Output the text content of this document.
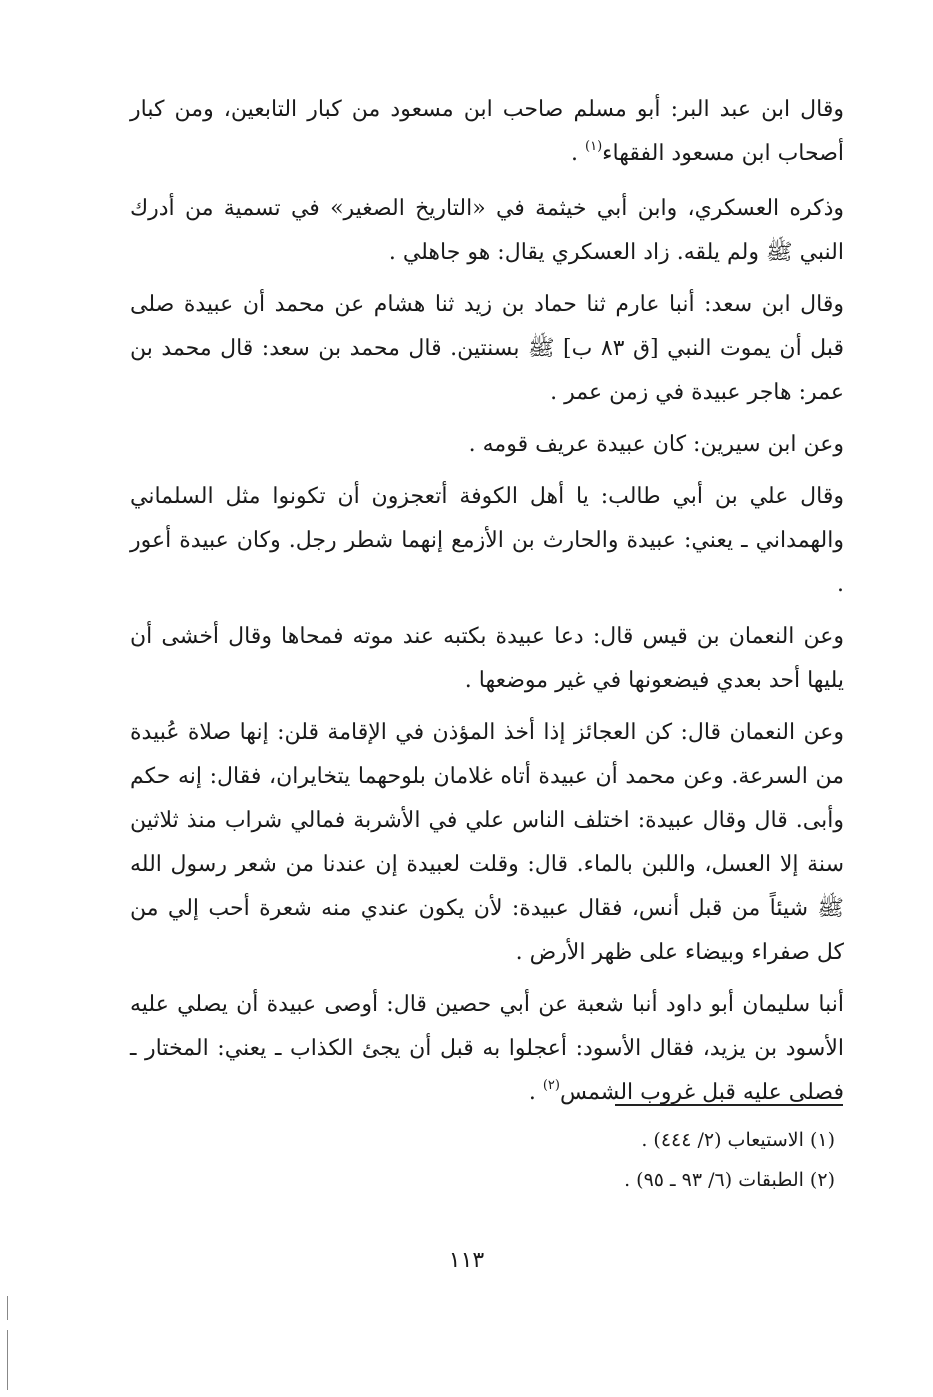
وقال ابن عبد البر: أبو مسلم صاحب ابن مسعود من كبار التابعين، ومن كبار أصحاب ابن مسعود الفقهاء$^{(١)}$ .

وذكره العسكري، وابن أبي خيثمة في «التاريخ الصغير» في تسمية من أدرك النبي ﷺ ولم يلقه. زاد العسكري يقال: هو جاهلي .

وقال ابن سعد: أنبا عارم ثنا حماد بن زيد ثنا هشام عن محمد أن عبيدة صلى قبل أن يموت النبي [ق ٨٣ ب] ﷺ بسنتين. قال محمد بن سعد: قال محمد بن عمر: هاجر عبيدة في زمن عمر .

وعن ابن سيرين: كان عبيدة عريف قومه .

وقال علي بن أبي طالب: يا أهل الكوفة أتعجزون أن تكونوا مثل السلماني والهمداني ـ يعني: عبيدة والحارث بن الأزمع إنهما شطر رجل. وكان عبيدة أعور .

وعن النعمان بن قيس قال: دعا عبيدة بكتبه عند موته فمحاها وقال أخشى أن يليها أحد بعدي فيضعونها في غير موضعها .

وعن النعمان قال: كن العجائز إذا أخذ المؤذن في الإقامة قلن: إنها صلاة عُبيدة من السرعة. وعن محمد أن عبيدة أتاه غلامان بلوحهما يتخايران، فقال: إنه حكم وأبى. قال وقال عبيدة: اختلف الناس علي في الأشربة فمالي شراب منذ ثلاثين سنة إلا العسل، واللبن بالماء. قال: وقلت لعبيدة إن عندنا من شعر رسول الله ﷺ شيئاً من قبل أنس، فقال عبيدة: لأن يكون عندي منه شعرة أحب إلي من كل صفراء وبيضاء على ظهر الأرض .

أنبا سليمان أبو داود أنبا شعبة عن أبي حصين قال: أوصى عبيدة أن يصلي عليه الأسود بن يزيد، فقال الأسود: أعجلوا به قبل أن يجئ الكذاب ـ يعني: المختار ـ فصلى عليه قبل غروب الشمس$^{(٢)}$ .

(١) الاستيعاب (٢/ ٤٤٤) .
(٢) الطبقات (٦/ ٩٣ ـ ٩٥) .
١١٣
